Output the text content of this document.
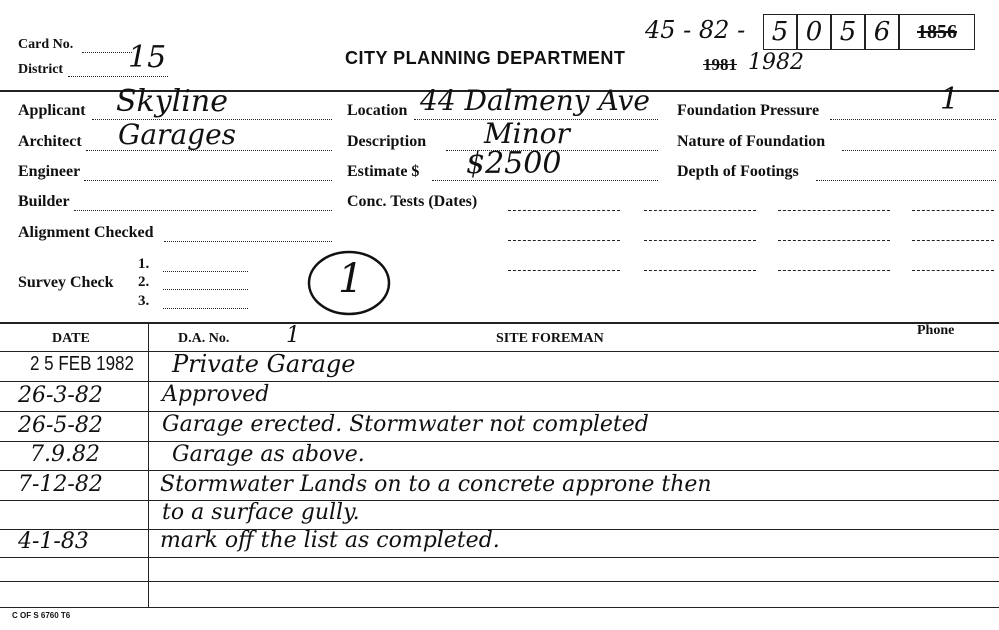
Card No. 15
District
CITY PLANNING DEPARTMENT
45 - 82 -	5 0 5 6	1856
1981 1982
Applicant Skyline
Architect Garages
Engineer
Builder
Alignment Checked
Survey Check
1.
2.
3.	1
Location 44 Dalmeny Ave
Description Minor
Estimate $ $2500
Conc. Tests (Dates)
Foundation Pressure	1
Nature of Foundation
Depth of Footings
DATE	D.A. No.	1	SITE FOREMAN
Phone
2 5 FEB 1982 Private Garage
26-3-82	Approved
26-5-82	Garage erected. Stormwater not completed
7.9.82	Garage as above.
7-12-82	Stormwater Lands on to a concrete approne then
to a surface gully.
4-1-83	mark off the list as completed.
C OF S 6760 T6
